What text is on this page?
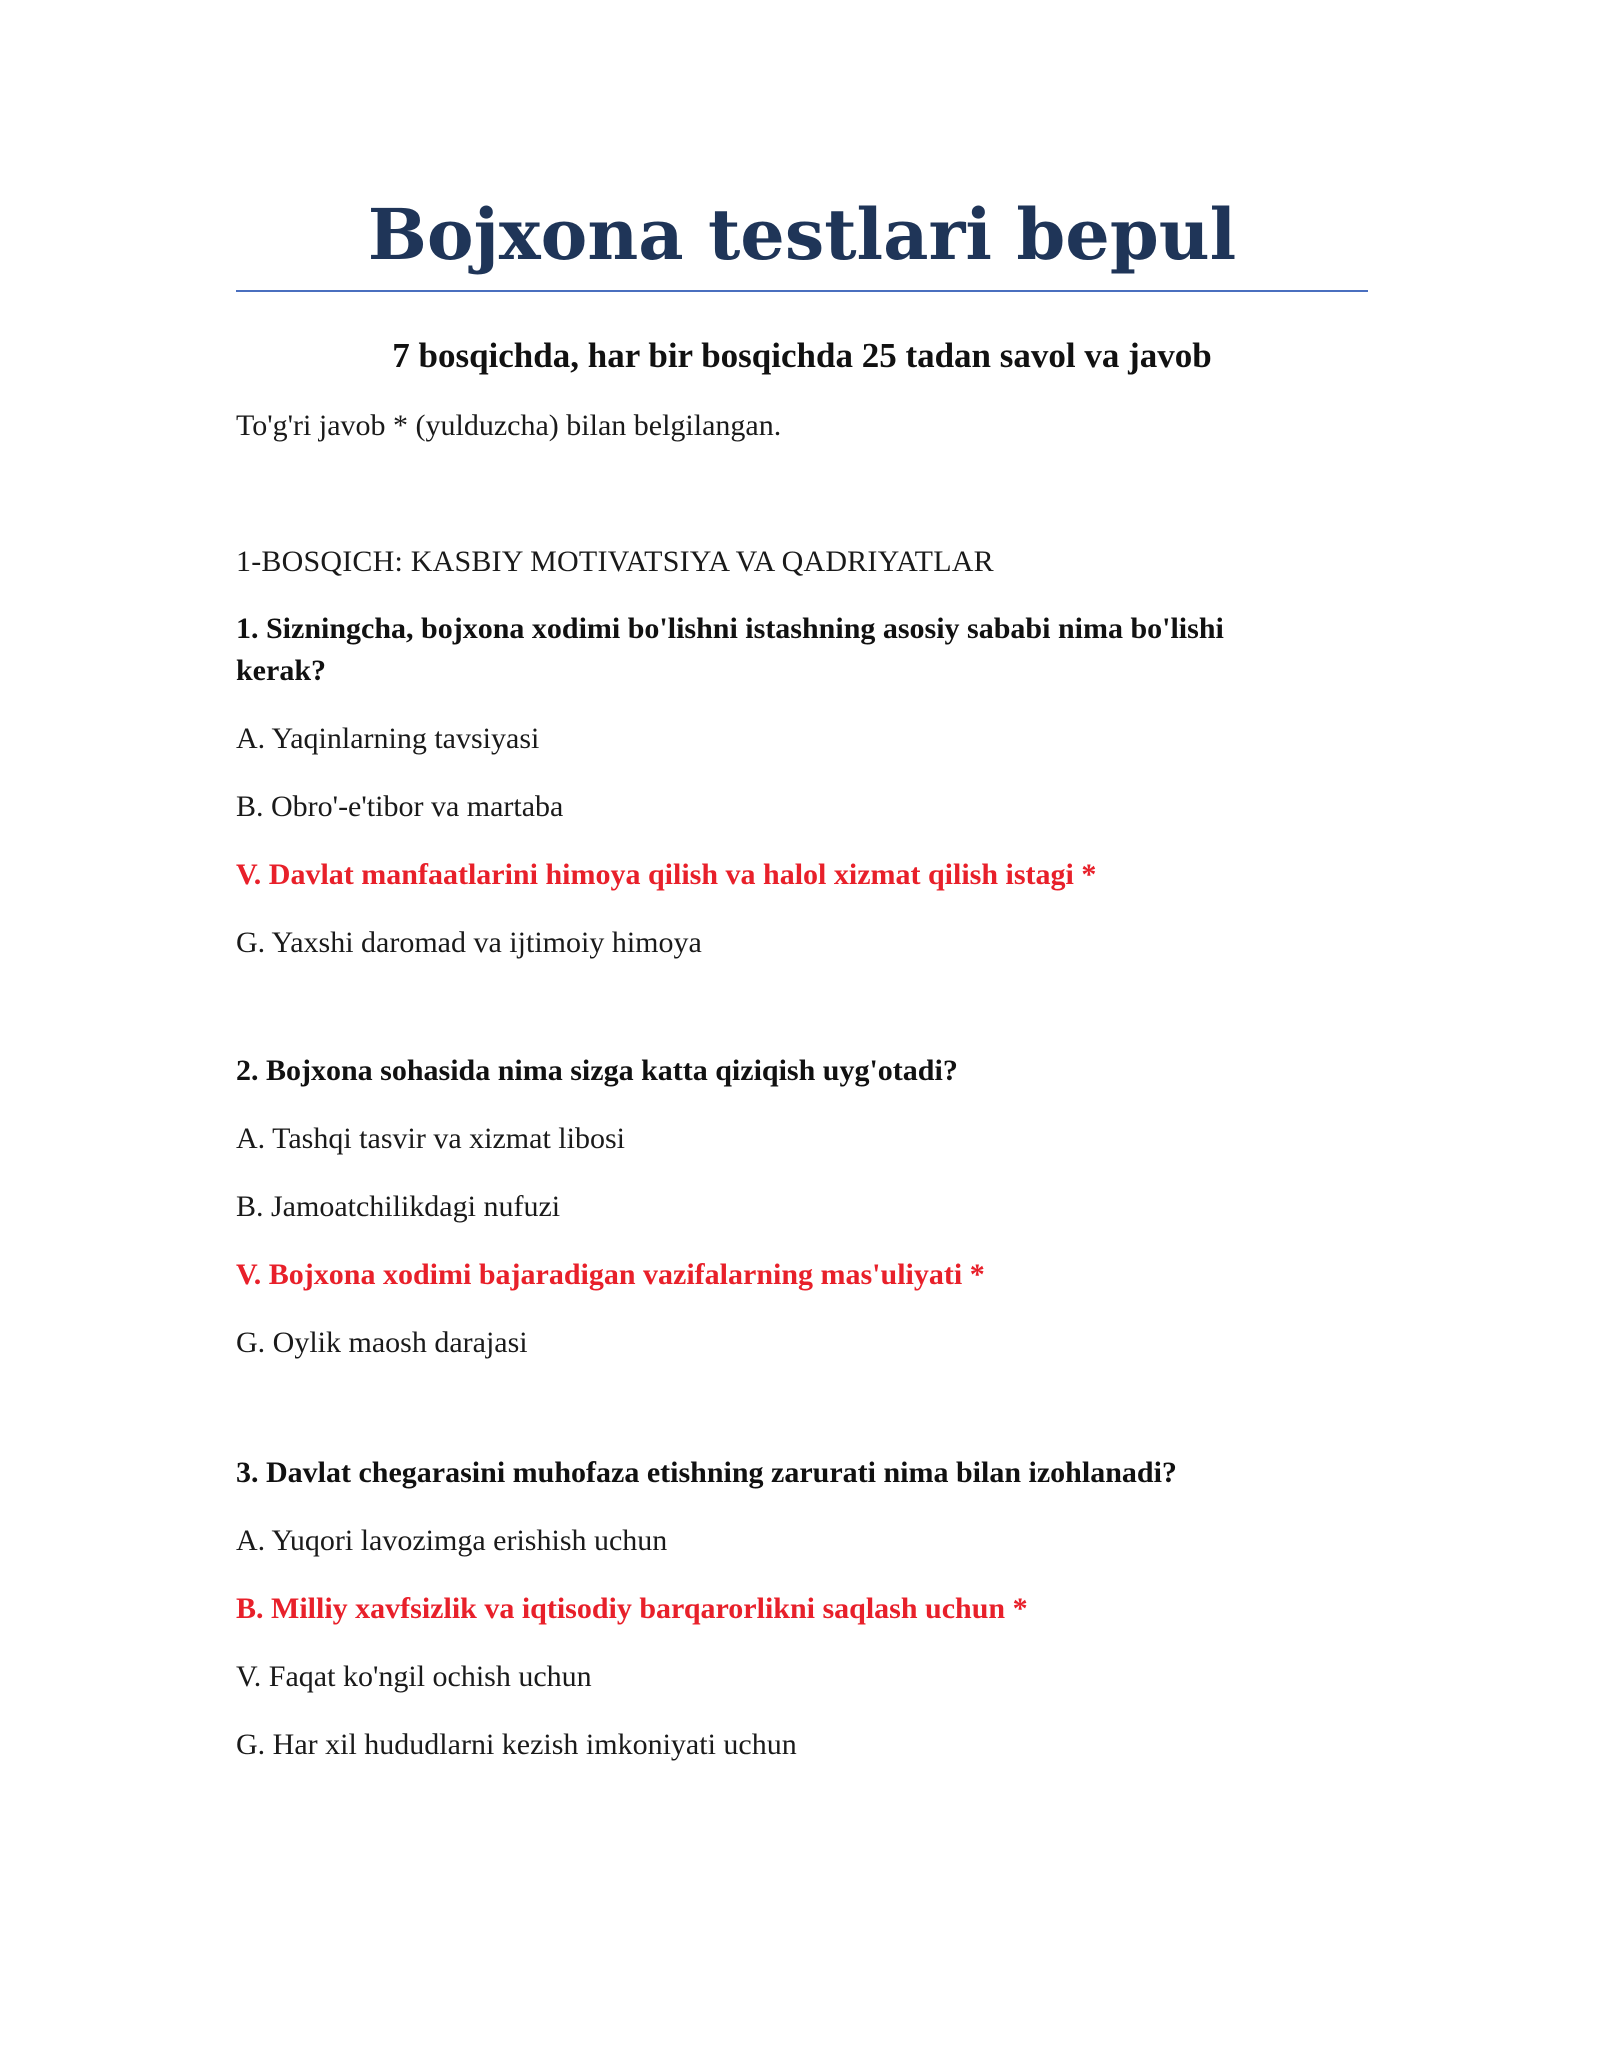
Bojxona testlari bepul
7 bosqichda, har bir bosqichda 25 tadan savol va javob

To'g'ri javob * (yulduzcha) bilan belgilangan.

1-BOSQICH: KASBIY MOTIVATSIYA VA QADRIYATLAR

1. Sizningcha, bojxona xodimi bo'lishni istashning asosiy sababi nima bo'lishi kerak?

A. Yaqinlarning tavsiyasi

B. Obro'-e'tibor va martaba

V. Davlat manfaatlarini himoya qilish va halol xizmat qilish istagi *

G. Yaxshi daromad va ijtimoiy himoya

2. Bojxona sohasida nima sizga katta qiziqish uyg'otadi?

A. Tashqi tasvir va xizmat libosi

B. Jamoatchilikdagi nufuzi

V. Bojxona xodimi bajaradigan vazifalarning mas'uliyati *

G. Oylik maosh darajasi

3. Davlat chegarasini muhofaza etishning zarurati nima bilan izohlanadi?

A. Yuqori lavozimga erishish uchun

B. Milliy xavfsizlik va iqtisodiy barqarorlikni saqlash uchun *

V. Faqat ko'ngil ochish uchun

G. Har xil hududlarni kezish imkoniyati uchun
